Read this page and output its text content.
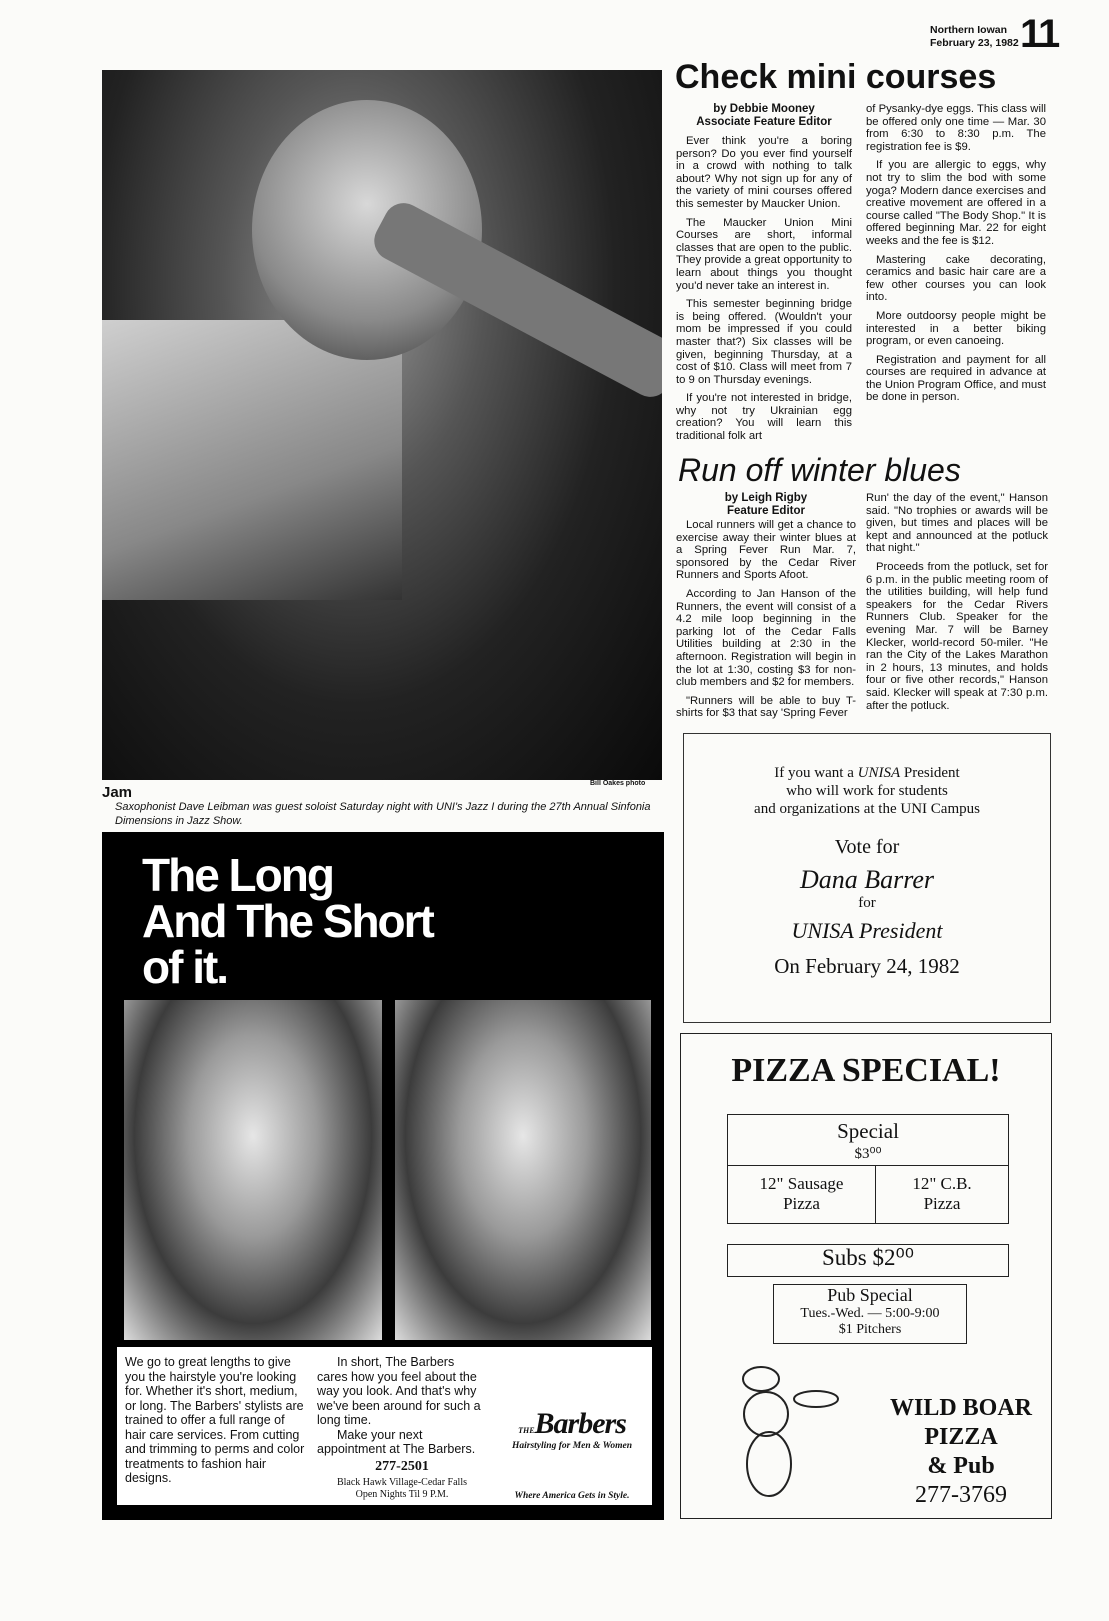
Northern Iowan
February 23, 1982 11
Bill Oakes photo
Jam
Saxophonist Dave Leibman was guest soloist Saturday night with UNI's Jazz I during the 27th Annual Sinfonia Dimensions in Jazz Show.
Check mini courses
by Debbie Mooney
Associate Feature Editor

Ever think you're a boring person? Do you ever find yourself in a crowd with nothing to talk about? Why not sign up for any of the variety of mini courses offered this semester by Maucker Union.

The Maucker Union Mini Courses are short, informal classes that are open to the public. They provide a great opportunity to learn about things you thought you'd never take an interest in.

This semester beginning bridge is being offered. (Wouldn't your mom be impressed if you could master that?) Six classes will be given, beginning Thursday, at a cost of $10. Class will meet from 7 to 9 on Thursday evenings.

If you're not interested in bridge, why not try Ukrainian egg creation? You will learn this traditional folk art

of Pysanky-dye eggs. This class will be offered only one time — Mar. 30 from 6:30 to 8:30 p.m. The registration fee is $9.

If you are allergic to eggs, why not try to slim the bod with some yoga? Modern dance exercises and creative movement are offered in a course called "The Body Shop." It is offered beginning Mar. 22 for eight weeks and the fee is $12.

Mastering cake decorating, ceramics and basic hair care are a few other courses you can look into.

More outdoorsy people might be interested in a better biking program, or even canoeing.

Registration and payment for all courses are required in advance at the Union Program Office, and must be done in person.

Run off winter blues
by Leigh Rigby
Feature Editor

Local runners will get a chance to exercise away their winter blues at a Spring Fever Run Mar. 7, sponsored by the Cedar River Runners and Sports Afoot.

According to Jan Hanson of the Runners, the event will consist of a 4.2 mile loop beginning in the parking lot of the Cedar Falls Utilities building at 2:30 in the afternoon. Registration will begin in the lot at 1:30, costing $3 for non-club members and $2 for members.

"Runners will be able to buy T-shirts for $3 that say 'Spring Fever

Run' the day of the event," Hanson said. "No trophies or awards will be given, but times and places will be kept and announced at the potluck that night."

Proceeds from the potluck, set for 6 p.m. in the public meeting room of the utilities building, will help fund speakers for the Cedar Rivers Runners Club. Speaker for the evening Mar. 7 will be Barney Klecker, world-record 50-miler. "He ran the City of the Lakes Marathon in 2 hours, 13 minutes, and holds four or five other records," Hanson said. Klecker will speak at 7:30 p.m. after the potluck.

The Long
And The Short
of it.
We go to great lengths to give you the hairstyle you're looking for. Whether it's short, medium, or long. The Barbers' stylists are trained to offer a full range of hair care services. From cutting and trimming to perms and color treatments to fashion hair designs.
In short, The Barbers cares how you feel about the way you look. And that's why we've been around for such a long time.
Make your next appointment at The Barbers.
277-2501
Black Hawk Village-Cedar Falls
Open Nights Til 9 P.M.
THEBarbers
Hairstyling for Men & Women
Where America Gets in Style.
If you want a UNISA President
who will work for students
and organizations at the UNI Campus
Vote for
Dana Barrer
for
UNISA President
On February 24, 1982
PIZZA SPECIAL!
Special
$3⁰⁰
12" Sausage
Pizza
12" C.B.
Pizza
Subs $2⁰⁰
Pub Special
Tues.-Wed. — 5:00-9:00
$1 Pitchers
WILD BOAR
PIZZA
& Pub
277-3769
